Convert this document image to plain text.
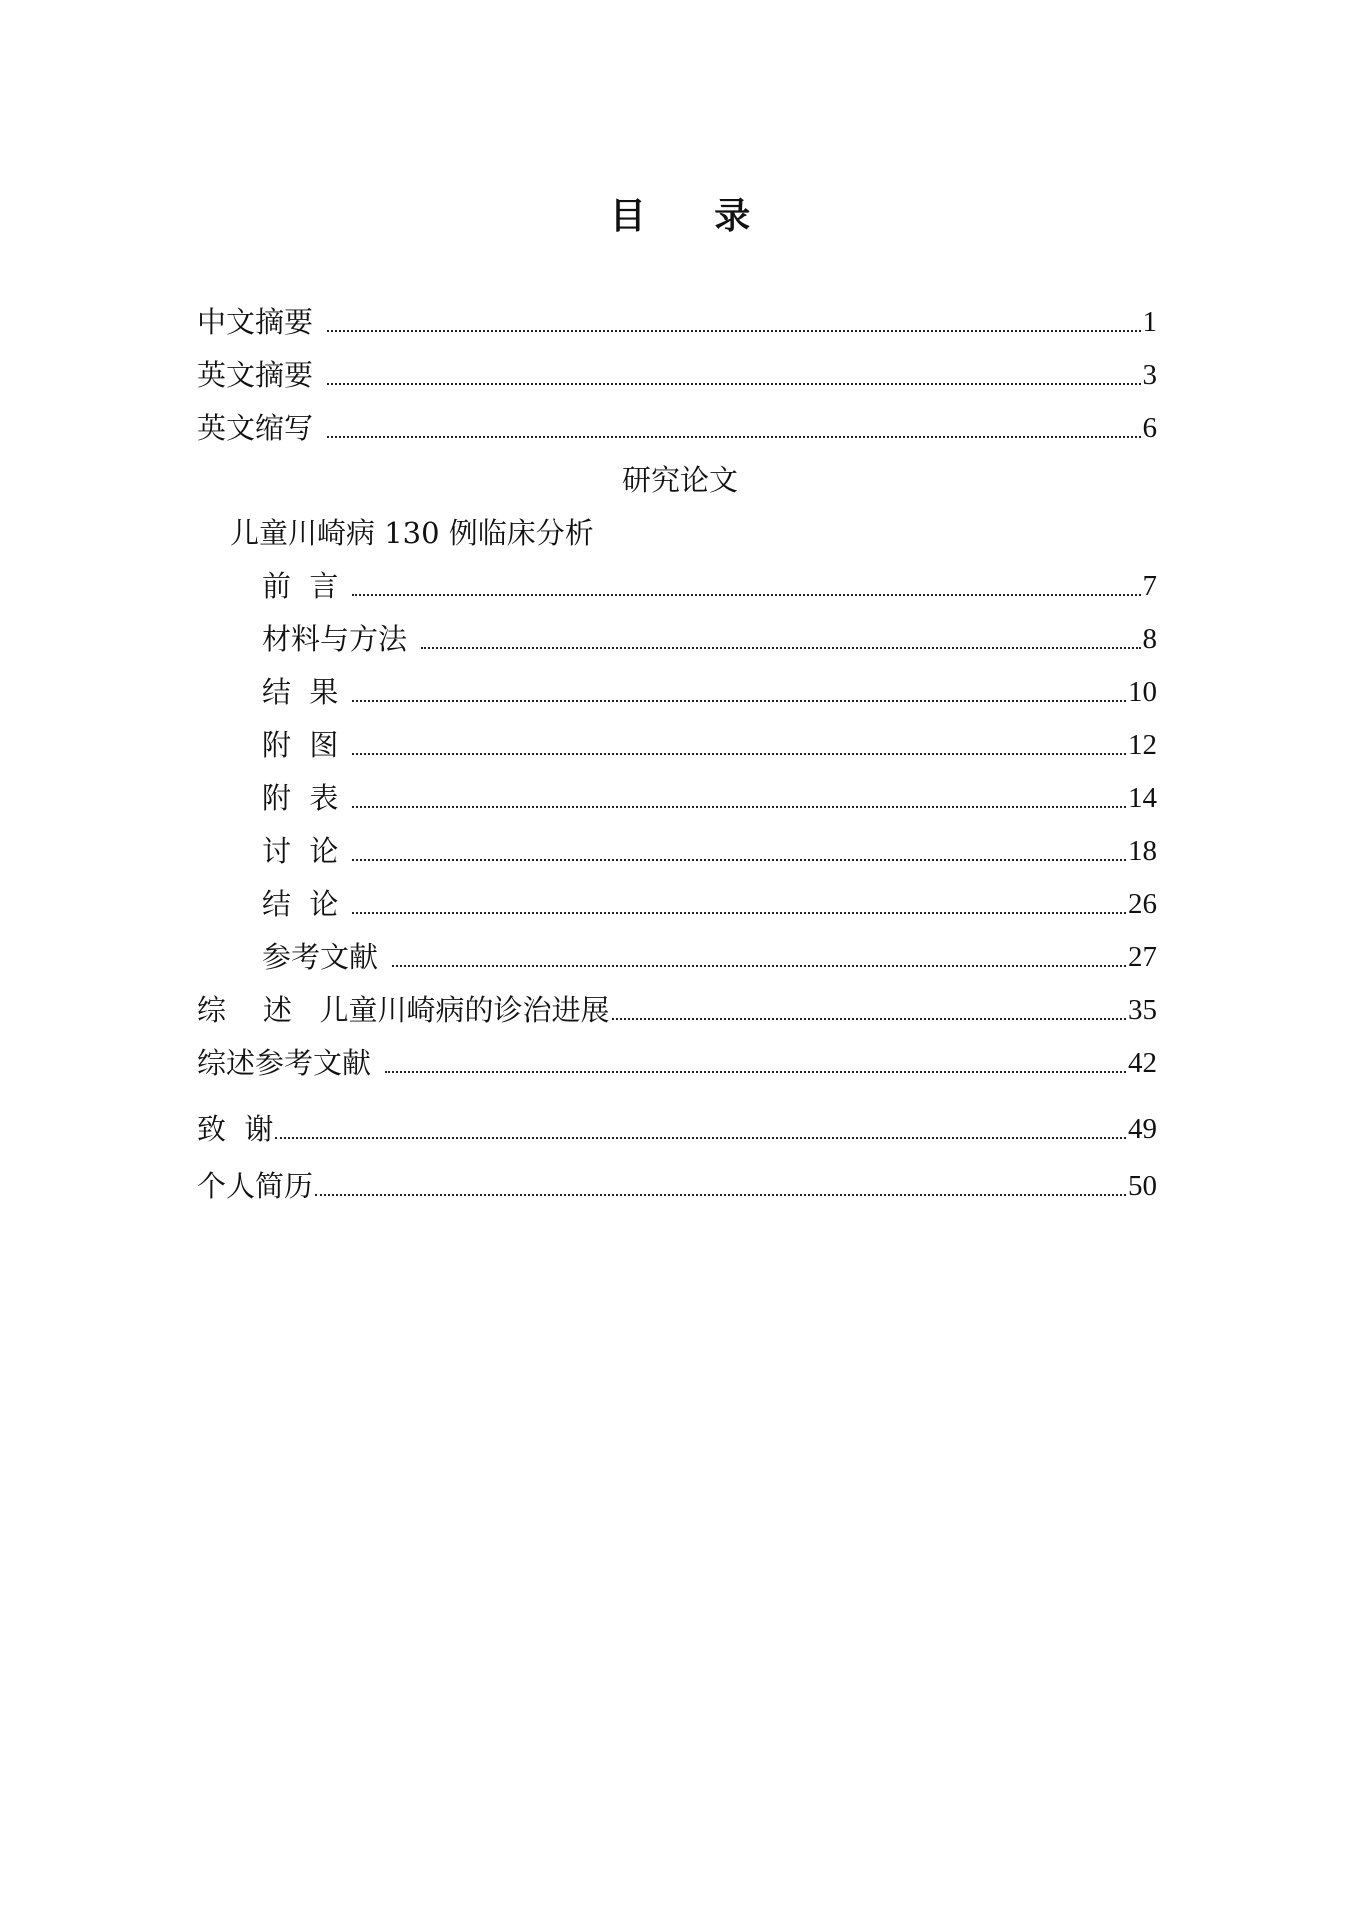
目 录
中文摘要	1
英文摘要	3
英文缩写	6
研究论文
儿童川崎病 130 例临床分析
前  言	7
材料与方法	8
结  果	10
附  图	12
附  表	14
讨  论	18
结  论	26
参考文献	27
综    述   儿童川崎病的诊治进展	35
综述参考文献	42
致  谢	49
个人简历	50
